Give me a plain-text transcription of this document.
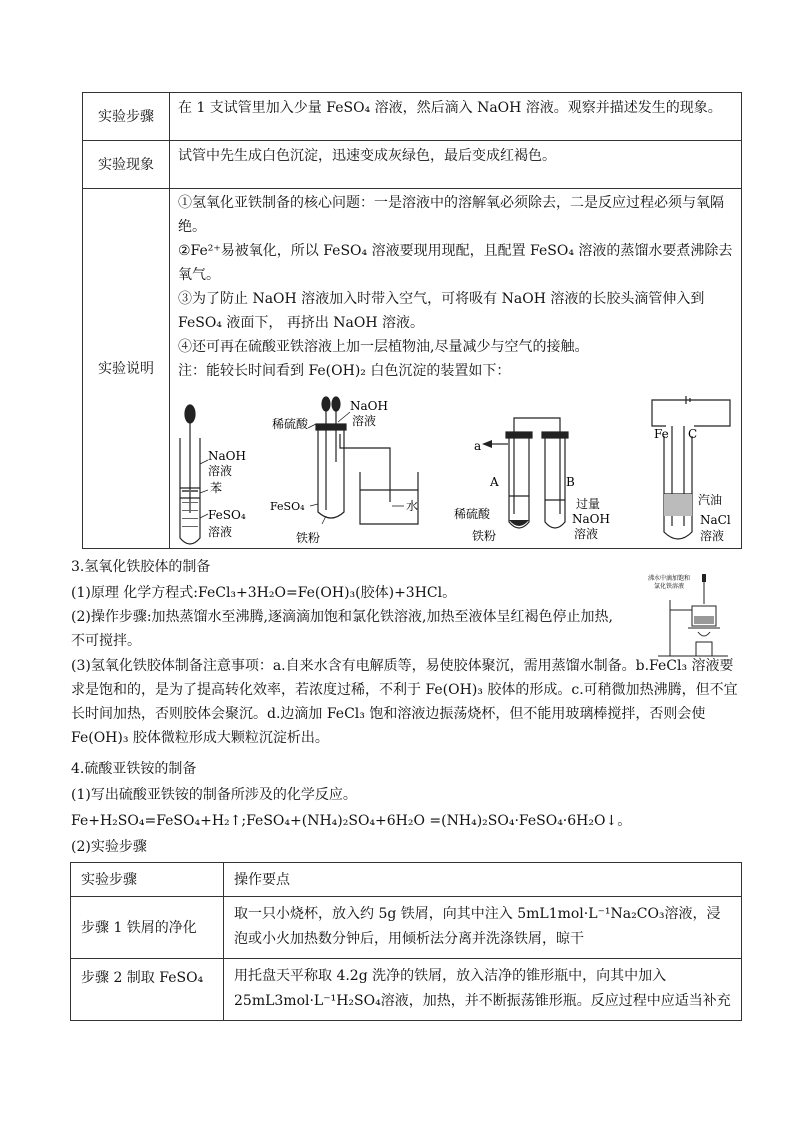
实验步骤	在 1 支试管里加入少量 FeSO₄ 溶液，然后滴入 NaOH 溶液。观察并描述发生的现象。
实验现象	试管中先生成白色沉淀，迅速变成灰绿色，最后变成红褐色。
实验说明	①氢氧化亚铁制备的核心问题：一是溶液中的溶解氧必须除去，二是反应过程必须与氧隔绝。
②Fe²⁺易被氧化，所以 FeSO₄ 溶液要现用现配，且配置 FeSO₄ 溶液的蒸馏水要煮沸除去氧气。
③为了防止 NaOH 溶液加入时带入空气，可将吸有 NaOH 溶液的长胶头滴管伸入到 FeSO₄ 液面下， 再挤出 NaOH 溶液。
④还可再在硫酸亚铁溶液上加一层植物油,尽量减少与空气的接触。
注：能较长时间看到 Fe(OH)₂ 白色沉淀的装置如下：
NaOH
溶液
苯
FeSO₄
溶液
稀硫酸
NaOH
溶液
FeSO₄
铁粉
水
a
A	B
稀硫酸
铁粉
过量
NaOH
溶液
Fe C
汽油
NaCl
溶液
3.氢氧化铁胶体的制备
(1)原理 化学方程式:FeCl₃+3H₂O=Fe(OH)₃(胶体)+3HCl。
(2)操作步骤:加热蒸馏水至沸腾,逐滴滴加饱和氯化铁溶液,加热至液体呈红褐色停止加热,
不可搅拌。
沸水中滴加饱和
氯化铁溶液
(3)氢氧化铁胶体制备注意事项：a.自来水含有电解质等，易使胶体聚沉，需用蒸馏水制备。b.FeCl₃ 溶液要求是饱和的，是为了提高转化效率，若浓度过稀，不利于 Fe(OH)₃ 胶体的形成。c.可稍微加热沸腾，但不宜长时间加热，否则胶体会聚沉。d.边滴加 FeCl₃ 饱和溶液边振荡烧杯，但不能用玻璃棒搅拌，否则会使 Fe(OH)₃ 胶体微粒形成大颗粒沉淀析出。
4.硫酸亚铁铵的制备
(1)写出硫酸亚铁铵的制备所涉及的化学反应。
Fe+H₂SO₄=FeSO₄+H₂↑;FeSO₄+(NH₄)₂SO₄+6H₂O =(NH₄)₂SO₄·FeSO₄·6H₂O↓。
(2)实验步骤
实验步骤	操作要点
步骤 1 铁屑的净化	取一只小烧杯，放入约 5g 铁屑，向其中注入 5mL1mol·L⁻¹Na₂CO₃溶液，浸泡或小火加热数分钟后，用倾析法分离并洗涤铁屑，晾干
步骤 2 制取 FeSO₄	用托盘天平称取 4.2g 洗净的铁屑，放入洁净的锥形瓶中，向其中加入 25mL3mol·L⁻¹H₂SO₄溶液，加热，并不断振荡锥形瓶。反应过程中应适当补充
